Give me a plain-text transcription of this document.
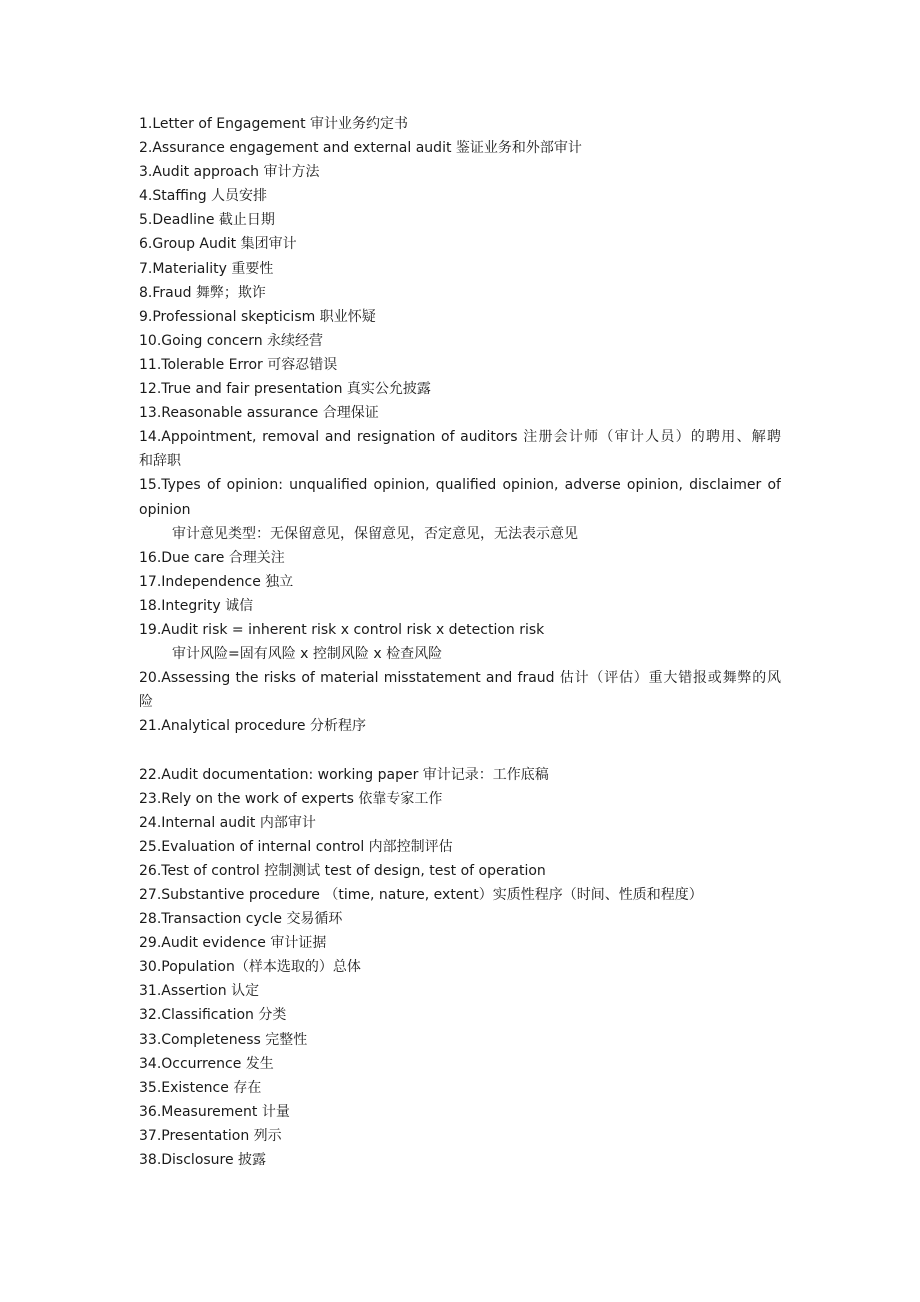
1.Letter of Engagement 审计业务约定书
2.Assurance engagement and external audit 鉴证业务和外部审计
3.Audit approach 审计方法
4.Staffing 人员安排
5.Deadline 截止日期
6.Group Audit 集团审计
7.Materiality 重要性
8.Fraud 舞弊；欺诈
9.Professional skepticism 职业怀疑
10.Going concern 永续经营
11.Tolerable Error 可容忍错误
12.True and fair presentation 真实公允披露
13.Reasonable assurance 合理保证
14.Appointment, removal and resignation of auditors 注册会计师（审计人员）的聘用、解聘
和辞职
15.Types of opinion: unqualified opinion, qualified opinion, adverse opinion, disclaimer of
opinion
审计意见类型：无保留意见，保留意见，否定意见，无法表示意见
16.Due care 合理关注
17.Independence 独立
18.Integrity 诚信
19.Audit risk = inherent risk x control risk x detection risk
审计风险=固有风险 x 控制风险 x 检查风险
20.Assessing the risks of material misstatement and fraud 估计（评估）重大错报或舞弊的风
险
21.Analytical procedure 分析程序
22.Audit documentation: working paper 审计记录：工作底稿
23.Rely on the work of experts 依靠专家工作
24.Internal audit 内部审计
25.Evaluation of internal control 内部控制评估
26.Test of control 控制测试 test of design, test of operation
27.Substantive procedure （time, nature, extent）实质性程序（时间、性质和程度）
28.Transaction cycle 交易循环
29.Audit evidence 审计证据
30.Population（样本选取的）总体
31.Assertion 认定
32.Classification 分类
33.Completeness 完整性
34.Occurrence 发生
35.Existence 存在
36.Measurement 计量
37.Presentation 列示
38.Disclosure 披露
